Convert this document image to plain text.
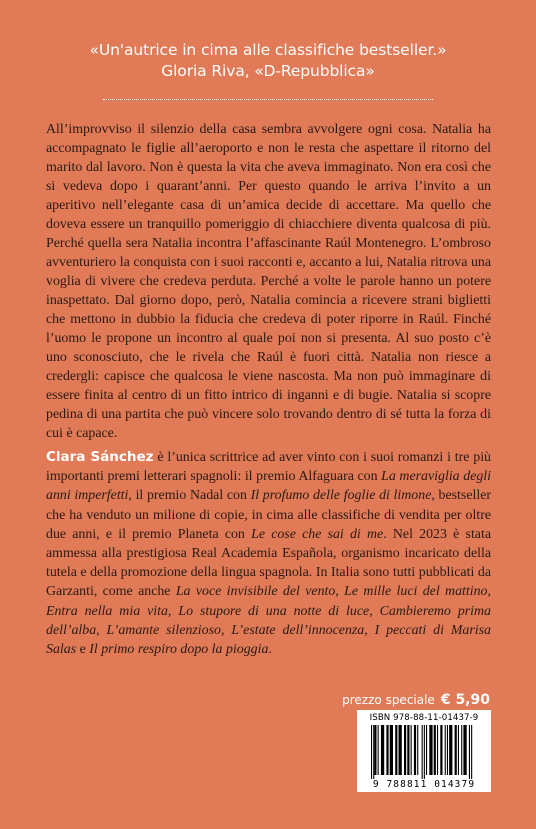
«Un'autrice in cima alle classifiche bestseller.»
Gloria Riva, «D-Repubblica»

All’improvviso il silenzio della casa sembra avvolgere ogni cosa. Natalia ha accompagnato le figlie all’aeroporto e non le resta che aspettare il ritorno del marito dal lavoro. Non è questa la vita che aveva immaginato. Non era così che si vedeva dopo i quarant’anni. Per questo quando le arriva l’invito a un aperitivo nell’elegante casa di un’amica decide di accettare. Ma quello che doveva essere un tranquillo pomeriggio di chiacchiere diventa qualcosa di più. Perché quella sera Natalia incontra l’affascinante Raúl Montenegro. L’ombroso avventuriero la conquista con i suoi racconti e, accanto a lui, Natalia ritrova una voglia di vivere che credeva perduta. Perché a volte le parole hanno un potere inaspettato. Dal giorno dopo, però, Natalia comincia a ricevere strani biglietti che mettono in dubbio la fiducia che credeva di poter riporre in Raúl. Finché l’uomo le propone un incontro al quale poi non si presenta. Al suo posto c’è uno sconosciuto, che le rivela che Raúl è fuori città. Natalia non riesce a credergli: capisce che qualcosa le viene nascosta. Ma non può immaginare di essere finita al centro di un fitto intrico di inganni e di bugie. Natalia si scopre pedina di una partita che può vincere solo trovando dentro di sé tutta la forza di cui è capace.

Clara Sánchez è l’unica scrittrice ad aver vinto con i suoi romanzi i tre più importanti premi letterari spagnoli: il premio Alfaguara con La meraviglia degli anni imperfetti, il premio Nadal con Il profumo delle foglie di limone, bestseller che ha venduto un milione di copie, in cima alle classifiche di vendita per oltre due anni, e il premio Planeta con Le cose che sai di me. Nel 2023 è stata ammessa alla prestigiosa Real Academia Española, organismo incaricato della tutela e della promozione della lingua spagnola. In Italia sono tutti pubblicati da Garzanti, come anche La voce invisibile del vento, Le mille luci del mattino, Entra nella mia vita, Lo stupore di una notte di luce, Cambieremo prima dell’alba, L’amante silenzioso, L’estate dell’innocenza, I peccati di Marisa Salas e Il primo respiro dopo la pioggia.

prezzo speciale € 5,90
ISBN 978-88-11-01437-9
9 788811 014379
